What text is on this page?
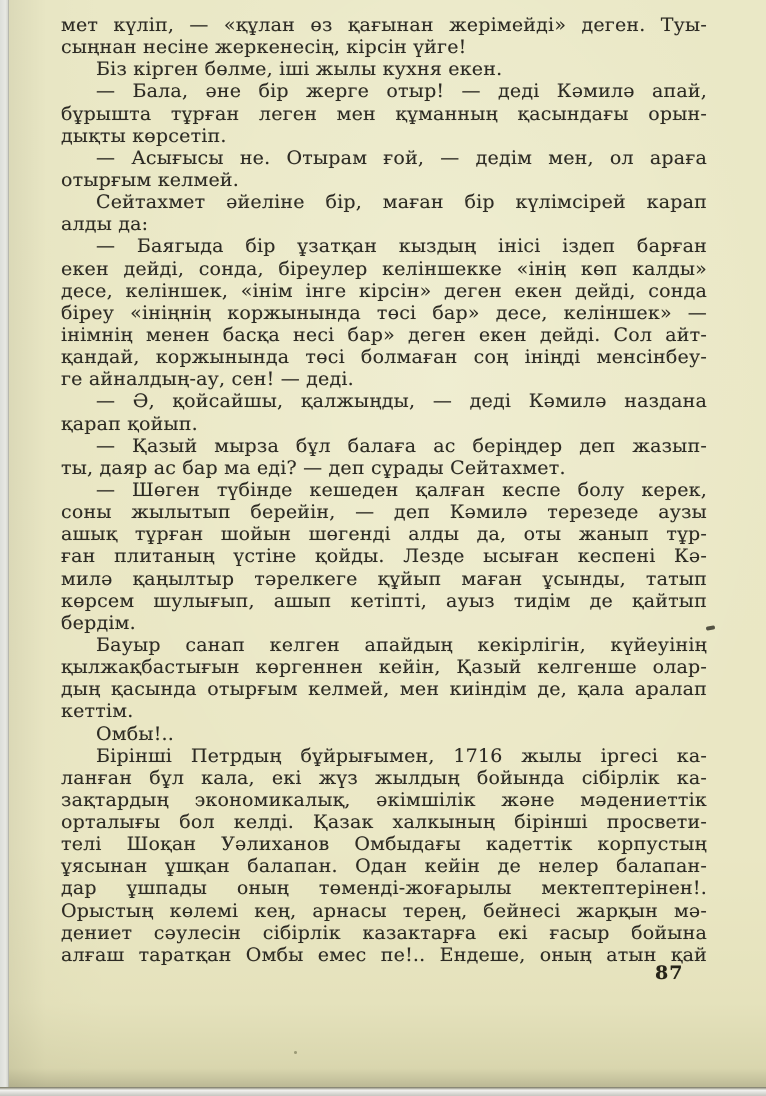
мет күліп, — «құлан өз қағынан жерімейді» деген. Туы-
сыңнан несіне жеркенесің, кірсін үйге!
Біз кірген бөлме, іші жылы кухня екен.
— Бала, әне бір жерге отыр! — деді Кәмилә апай,
бұрышта тұрған леген мен құманның қасындағы орын-
дықты көрсетіп.
— Асығысы не. Отырам ғой, — дедім мен, ол араға
отырғым келмей.
Сейтахмет әйеліне бір, маған бір күлімсірей карап
алды да:
— Баягыда бір ұзатқан кыздың інісі іздеп барған
екен дейді, сонда, біреулер келіншекке «інің көп калды»
десе, келіншек, «інім інге кірсін» деген екен дейді, сонда
біреу «ініңнің коржынында төсі бар» десе, келіншек» —
інімнің менен басқа несі бар» деген екен дейді. Сол айт-
қандай, коржынында төсі болмаған соң ініңді менсінбеу-
ге айналдың-ау, сен! — деді.
— Ә, қойсайшы, қалжыңды, — деді Кәмилә наздана
қарап қойып.
— Қазый мырза бұл балаға ас беріңдер деп жазып-
ты, даяр ас бар ма еді? — деп сұрады Сейтахмет.
— Шөген түбінде кешеден қалған кеспе болу керек,
соны жылытып берейін, — деп Кәмилә терезеде аузы
ашық тұрған шойын шөгенді алды да, оты жанып тұр-
ған плитаның үстіне қойды. Лезде ысыған кеспені Кә-
милә қаңылтыр тәрелкеге құйып маған ұсынды, татып
көрсем шулығып, ашып кетіпті, ауыз тидім де қайтып
бердім.
Бауыр санап келген апайдың кекірлігін, күйеуінің
қылжақбастығын көргеннен кейін, Қазый келгенше олар-
дың қасында отырғым келмей, мен киіндім де, қала аралап
кеттім.
Омбы!..
Бірінші Петрдың бұйрығымен, 1716 жылы іргесі ка-
ланған бұл кала, екі жүз жылдың бойында сібірлік ка-
зақтардың экономикалық, әкімшілік және мәдениеттік
орталығы бол келді. Қазак халкының бірінші просвети-
телі Шоқан Уәлиханов Омбыдағы кадеттік корпустың
ұясынан ұшқан балапан. Одан кейін де нелер балапан-
дар ұшпады оның төменді-жоғарылы мектептерінен!.
Орыстың көлемі кең, арнасы терең, бейнесі жарқын мә-
дениет сәулесін сібірлік казактарға екі ғасыр бойына
алғаш таратқан Омбы емес пе!.. Ендеше, оның атын қай
87
